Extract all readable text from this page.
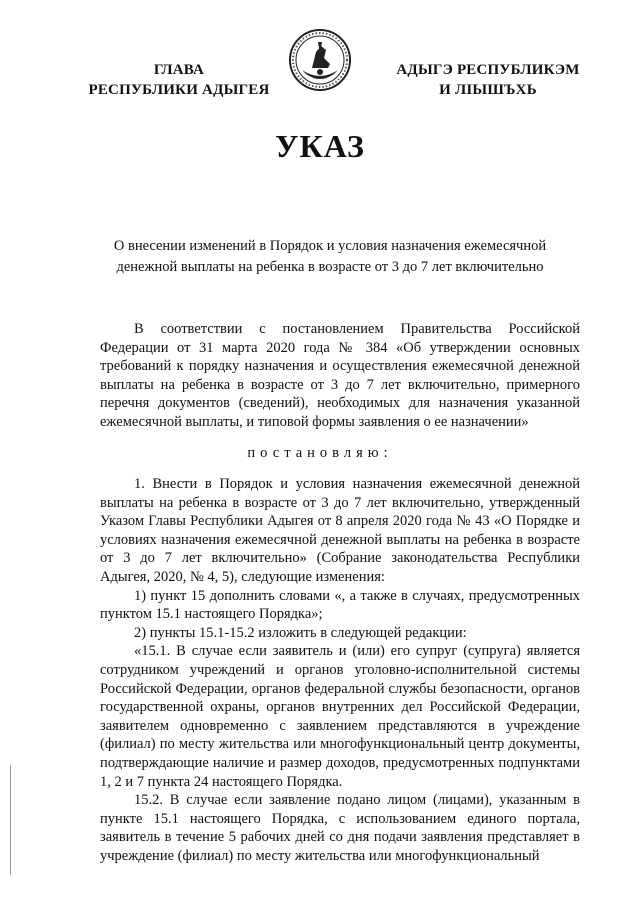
ГЛАВА
РЕСПУБЛИКИ АДЫГЕЯ
АДЫГЭ РЕСПУБЛИКЭМ
И ЛІЫШЪХЬ
УКАЗ
О внесении изменений в Порядок и условия назначения ежемесячной
денежной выплаты на ребенка в возрасте от 3 до 7 лет включительно

В соответствии с постановлением Правительства Российской Федерации от 31 марта 2020 года № 384 «Об утверждении основных требований к порядку назначения и осуществления ежемесячной денежной выплаты на ребенка в возрасте от 3 до 7 лет включительно, примерного перечня документов (сведений), необходимых для назначения указанной ежемесячной выплаты, и типовой формы заявления о ее назначении»

постановляю:

1. Внести в Порядок и условия назначения ежемесячной денежной выплаты на ребенка в возрасте от 3 до 7 лет включительно, утвержденный Указом Главы Республики Адыгея от 8 апреля 2020 года № 43 «О Порядке и условиях назначения ежемесячной денежной выплаты на ребенка в возрасте от 3 до 7 лет включительно» (Собрание законодательства Республики Адыгея, 2020, № 4, 5), следующие изменения:

1) пункт 15 дополнить словами «, а также в случаях, предусмотренных пунктом 15.1 настоящего Порядка»;

2) пункты 15.1-15.2 изложить в следующей редакции:

«15.1. В случае если заявитель и (или) его супруг (супруга) является сотрудником учреждений и органов уголовно-исполнительной системы Российской Федерации, органов федеральной службы безопасности, органов государственной охраны, органов внутренних дел Российской Федерации, заявителем одновременно с заявлением представляются в учреждение (филиал) по месту жительства или многофункциональный центр документы, подтверждающие наличие и размер доходов, предусмотренных подпунктами 1, 2 и 7 пункта 24 настоящего Порядка.

15.2. В случае если заявление подано лицом (лицами), указанным в пункте 15.1 настоящего Порядка, с использованием единого портала, заявитель в течение 5 рабочих дней со дня подачи заявления представляет в учреждение (филиал) по месту жительства или многофункциональный
